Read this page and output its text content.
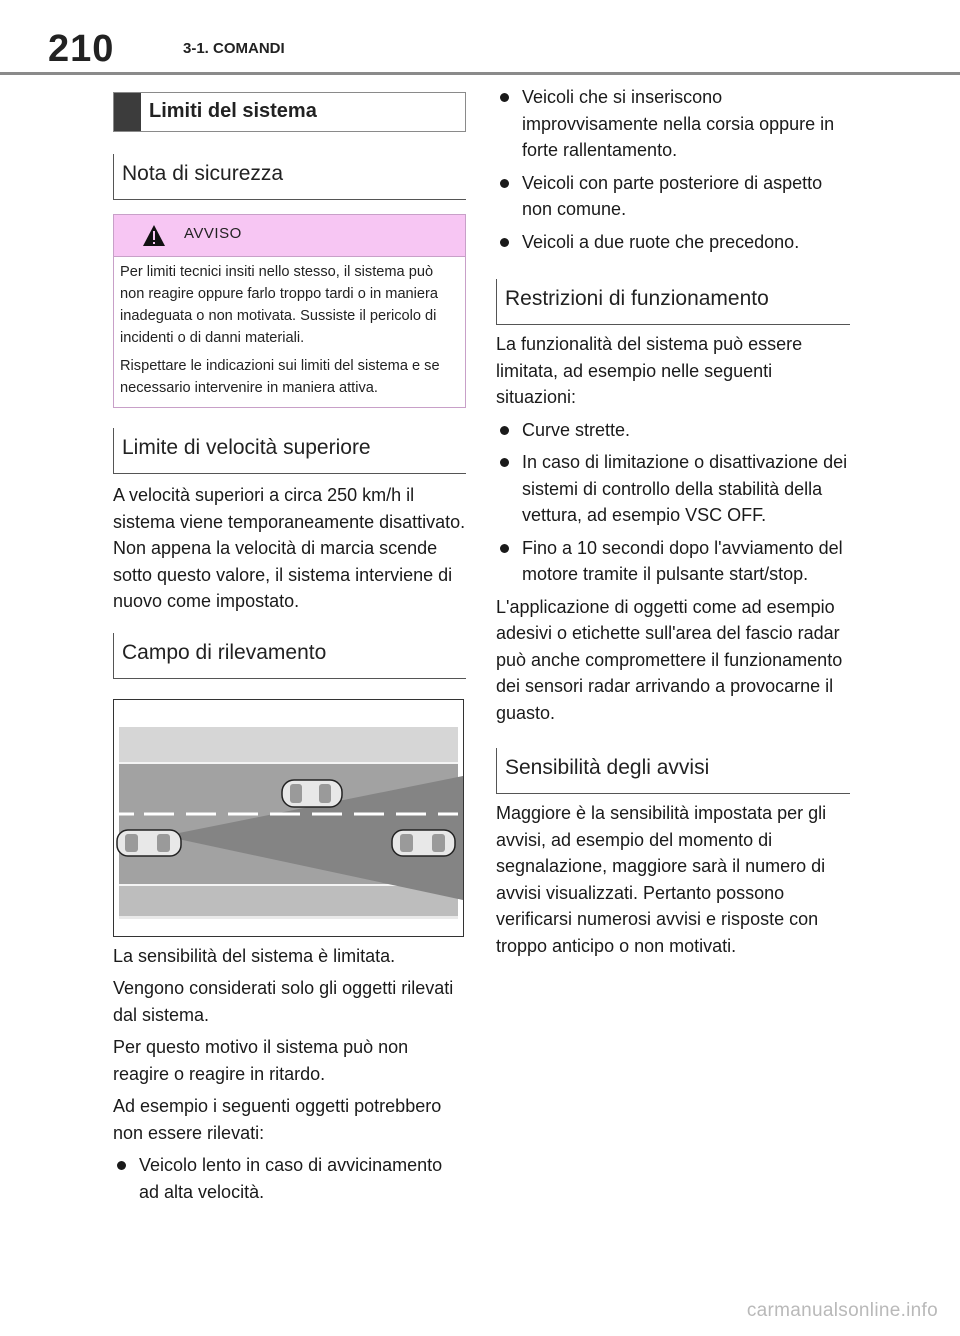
210	3-1. COMANDI
Limiti del sistema
Nota di sicurezza
AVVISO

Per limiti tecnici insiti nello stesso, il sistema può non reagire oppure farlo troppo tardi o in maniera inadeguata o non motivata. Sussiste il pericolo di incidenti o di danni materiali.

Rispettare le indicazioni sui limiti del sistema e se necessario intervenire in maniera attiva.

Limite di velocità superiore

A velocità superiori a circa 250 km/h il sistema viene temporaneamente disattivato. Non appena la velocità di marcia scende sotto questo valore, il sistema interviene di nuovo come impostato.

Campo di rilevamento

La sensibilità del sistema è limitata.

Vengono considerati solo gli oggetti rilevati dal sistema.

Per questo motivo il sistema può non reagire o reagire in ritardo.

Ad esempio i seguenti oggetti potrebbero non essere rilevati:

Veicolo lento in caso di avvicinamento ad alta velocità.
Veicoli che si inseriscono improvvisamente nella corsia oppure in forte rallentamento.
Veicoli con parte posteriore di aspetto non comune.
Veicoli a due ruote che precedono.
Restrizioni di funzionamento

La funzionalità del sistema può essere limitata, ad esempio nelle seguenti situazioni:

Curve strette.
In caso di limitazione o disattivazione dei sistemi di controllo della stabilità della vettura, ad esempio VSC OFF.
Fino a 10 secondi dopo l'avviamento del motore tramite il pulsante start/stop.

L'applicazione di oggetti come ad esempio adesivi o etichette sull'area del fascio radar può anche compromettere il funzionamento dei sensori radar arrivando a provocarne il guasto.

Sensibilità degli avvisi

Maggiore è la sensibilità impostata per gli avvisi, ad esempio del momento di segnalazione, maggiore sarà il numero di avvisi visualizzati. Pertanto possono verificarsi numerosi avvisi e risposte con troppo anticipo o non motivati.

carmanualsonline.info
